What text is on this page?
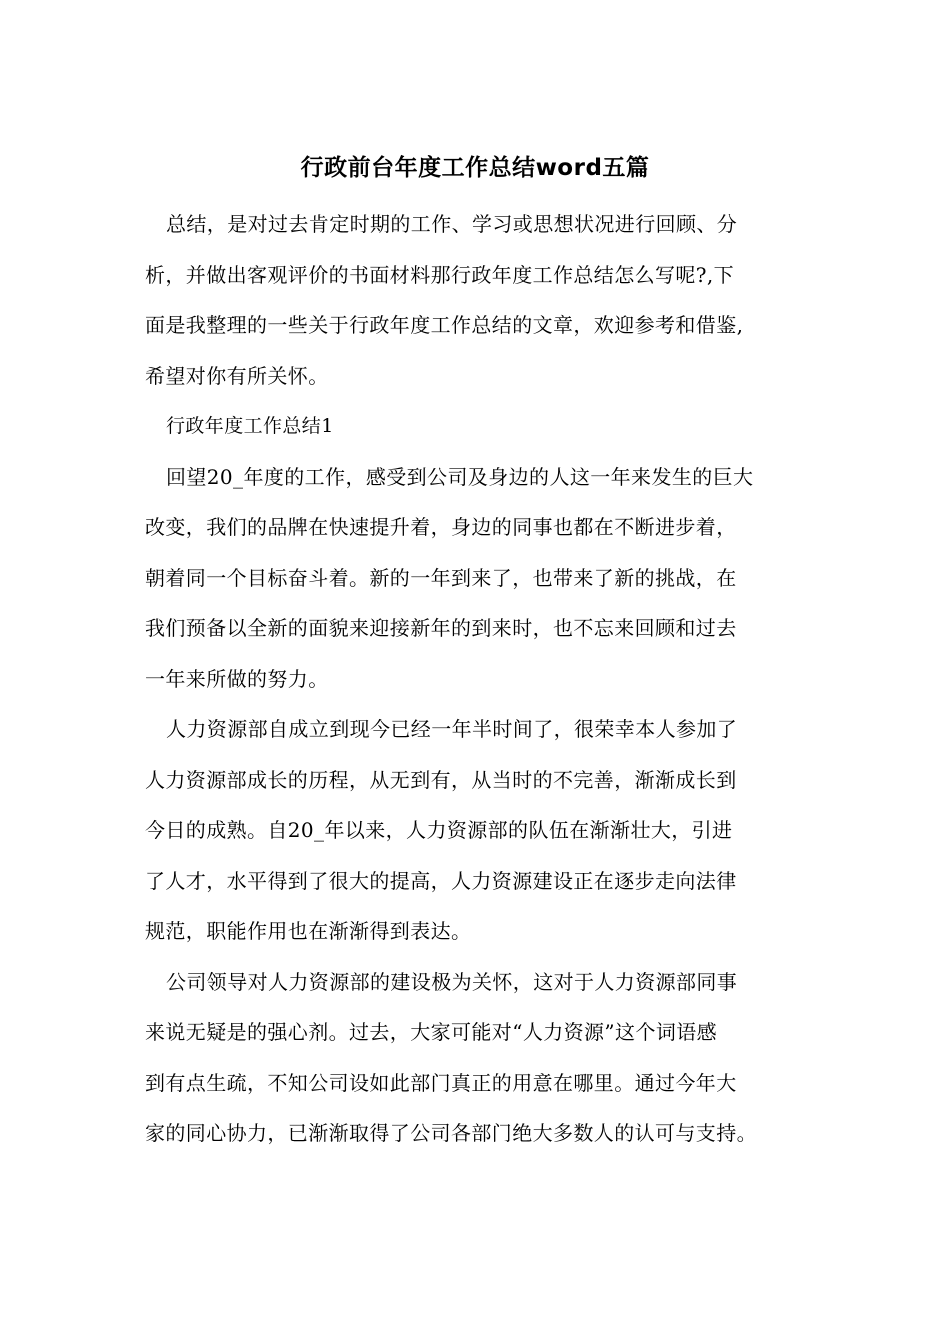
行政前台年度工作总结word五篇
总结，是对过去肯定时期的工作、学习或思想状况进行回顾、分
析，并做出客观评价的书面材料那行政年度工作总结怎么写呢?,下
面是我整理的一些关于行政年度工作总结的文章，欢迎参考和借鉴,
希望对你有所关怀。
行政年度工作总结1
回望20_年度的工作，感受到公司及身边的人这一年来发生的巨大
改变，我们的品牌在快速提升着，身边的同事也都在不断进步着，
朝着同一个目标奋斗着。新的一年到来了，也带来了新的挑战，在
我们预备以全新的面貌来迎接新年的到来时，也不忘来回顾和过去
一年来所做的努力。
人力资源部自成立到现今已经一年半时间了，很荣幸本人参加了
人力资源部成长的历程，从无到有，从当时的不完善，渐渐成长到
今日的成熟。自20_年以来，人力资源部的队伍在渐渐壮大，引进
了人才，水平得到了很大的提高，人力资源建设正在逐步走向法律
规范，职能作用也在渐渐得到表达。
公司领导对人力资源部的建设极为关怀，这对于人力资源部同事
来说无疑是的强心剂。过去，大家可能对“人力资源”这个词语感
到有点生疏，不知公司设如此部门真正的用意在哪里。通过今年大
家的同心协力，已渐渐取得了公司各部门绝大多数人的认可与支持。
